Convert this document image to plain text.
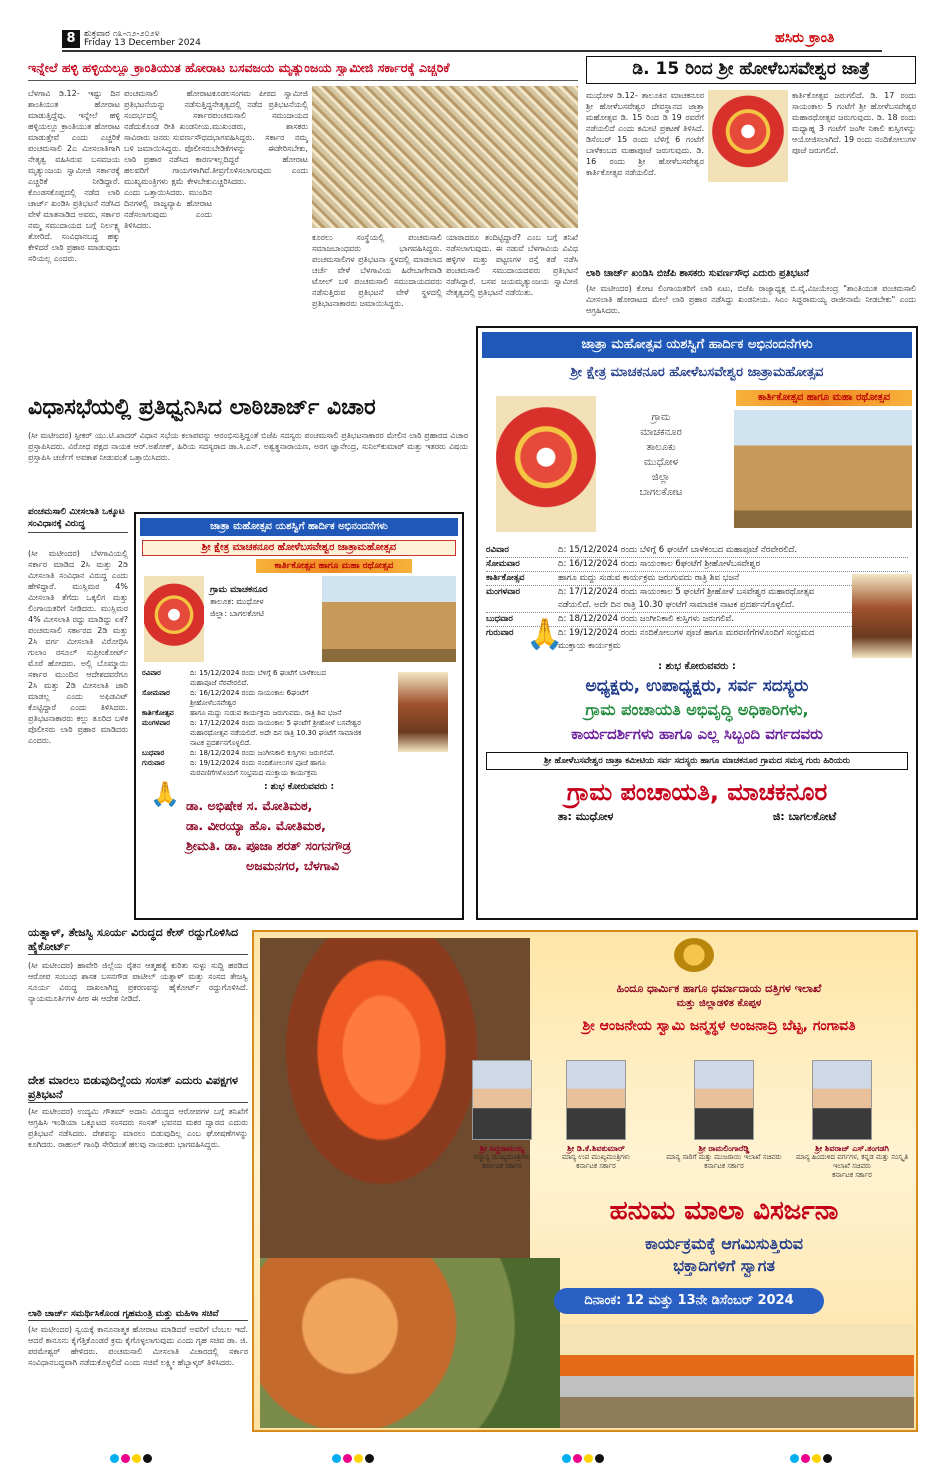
8 ಶುಕ್ರವಾರ ೧೩-೧೨-೨೦೨೪
Friday 13 December 2024	ಹಸಿರು ಕ್ರಾಂತಿ
ಇನ್ನೇಲೆ ಹಳ್ಳಿ ಹಳ್ಳಿಯಲ್ಲೂ ಕ್ರಾಂತಿಯುತ ಹೋರಾಟ ಬಸವಜಯ ಮೃತ್ಯುಂಜಯ ಸ್ವಾಮೀಜಿ ಸರ್ಕಾರಕ್ಕೆ ಎಚ್ಚರಿಕೆ	ಡಿ. 15 ರಿಂದ ಶ್ರೀ ಹೋಳೆಬಸವೇಶ್ವರ ಜಾತ್ರೆ
ಬೆಳಗಾವಿ ಡಿ.12- ಇಷ್ಟು ದಿನ ಶಾಂತಿಯುತ ಹೋರಾಟ ಮಾಡುತ್ತಿದ್ದೆವು. ಇನ್ನೇಲೆ ಹಳ್ಳಿ ಹಳ್ಳಿಯಲ್ಲೂ ಕ್ರಾಂತಿಯುತ ಹೋರಾಟ ಮಾಡುತ್ತೇವೆ ಎಂದು ಎಚ್ಚರಿಕೆ ಪಂಚಮಸಾಲಿ 2ಎ ಮೀಸಲಾತಿಗಾಗಿ ನೇತೃತ್ವ ವಹಿಸಿರುವ ಬಸವಜಯ ಮೃತ್ಯುಂಜಯ ಸ್ವಾಮೀಜಿ ಸರ್ಕಾರಕ್ಕೆ ಎಚ್ಚರಿಕೆ ನೀಡಿದ್ದಾರೆ. ಕೊಂಡಸಕೊಪ್ಪದಲ್ಲಿ ನಡೆದ ಲಾಠಿ ಚಾರ್ಜ್ ಖಂಡಿಸಿ ಪ್ರತಿಭಟನೆ ನಡೆಸಿದ ವೇಳೆ ಮಾತನಾಡಿದ ಅವರು, ಸರ್ಕಾರ ನಮ್ಮ ಸಮುದಾಯದ ಬಗ್ಗೆ ನಿರ್ಲಕ್ಷ್ಯ ತೋರಿದೆ. ಸಂವಿಧಾನಬದ್ಧ ಹಕ್ಕು ಕೇಳಿದರೆ ಲಾಠಿ ಪ್ರಹಾರ ಮಾಡುವುದು ಸರಿಯಲ್ಲ ಎಂದರು.
ಪಂಚಮಸಾಲಿ ಹೋರಾಟ ಪ್ರತಿಭಟನೆಯನ್ನು ನಡೆಸುತ್ತಿದ್ದ ಸಂದರ್ಭದಲ್ಲಿ ಸರ್ಕಾರ ನಡೆದುಕೊಂಡ ರೀತಿ ಖಂಡನೀಯ. ಸಾವಿರಾರು ಜನರು ಸುವರ್ಣಸೌಧದ ಬಳಿ ಜಮಾಯಿಸಿದ್ದರು. ಪೊಲೀಸರು ಲಾಠಿ ಪ್ರಹಾರ ನಡೆಸಿದ ಕಾರಣ ಹಲವರಿಗೆ ಗಾಯಗಳಾಗಿವೆ. ಮುಖ್ಯಮಂತ್ರಿಗಳು ಕ್ಷಮೆ ಕೇಳಬೇಕು ಎಂದು ಒತ್ತಾಯಿಸಿದರು. ಮುಂದಿನ ದಿನಗಳಲ್ಲಿ ರಾಜ್ಯವ್ಯಾಪಿ ಹೋರಾಟ ನಡೆಸಲಾಗುವುದು ಎಂದು ತಿಳಿಸಿದರು.
ಕೂಡಲಸಂಗಮ ಪೀಠದ ಸ್ವಾಮೀಜಿ ನೇತೃತ್ವದಲ್ಲಿ ನಡೆದ ಪ್ರತಿಭಟನೆಯಲ್ಲಿ ಪಂಚಮಸಾಲಿ ಸಮುದಾಯದ ಮುಖಂಡರು, ಶಾಸಕರು ಭಾಗವಹಿಸಿದ್ದರು. ಸರ್ಕಾರ ನಮ್ಮ ಬೇಡಿಕೆಗಳನ್ನು ಈಡೇರಿಸಬೇಕು, ಇಲ್ಲದಿದ್ದರೆ ಹೋರಾಟ ತೀವ್ರಗೊಳಿಸಲಾಗುವುದು ಎಂದು ಎಚ್ಚರಿಸಿದರು.
ಕೂರಲು ಸಂಸ್ಥೆಯಲ್ಲಿ ಪಂಚಮಸಾಲಿ ಸಮಾಜಬಾಂಧವರು ಭಾಗವಹಿಸಿದ್ದರು. ಪಂಚಮಸಾಲಿಗಳ ಪ್ರತಿಭಟನಾ ಸ್ಥಳದಲ್ಲಿ ಮಾಡಲಾದ ಚರ್ಚೆ ವೇಳೆ ಬೆಳಗಾವಿಯ ಹಿರೇಬಾಗೇವಾಡಿ ಟೋಲ್ ಬಳಿ ಪಂಚಮಸಾಲಿ ಸಮುದಾಯದವರು ನಡೆಸುತ್ತಿರುವ ಪ್ರತಿಭಟನೆ ವೇಳೆ ಸ್ಥಳದಲ್ಲಿ ಪ್ರತಿಭಟನಾಕಾರರು ಜಮಾಯಿಸಿದ್ದರು.
ಯಾರಾದರೂ ತಂದಿಟ್ಟಿದ್ದಾರೆ? ಎಂಬ ಬಗ್ಗೆ ತನಿಖೆ ನಡೆಸಲಾಗುವುದು. ಈ ನಡುವೆ ಬೆಳಗಾವಿಯ ವಿವಿಧ ಹಳ್ಳಿಗಳ ಮತ್ತು ಪಟ್ಟಣಗಳ ರಸ್ತೆ ತಡೆ ನಡೆಸಿ ಪಂಚಮಸಾಲಿ ಸಮುದಾಯದವರು ಪ್ರತಿಭಟನೆ ನಡೆಸಿದ್ದಾರೆ. ಬಸವ ಜಯಮೃತ್ಯುಂಜಯ ಸ್ವಾಮೀಜಿ ನೇತೃತ್ವದಲ್ಲಿ ಪ್ರತಿಭಟನೆ ನಡೆಯಿತು.
ಮುಧೋಳ ಡಿ.12- ತಾಲೂಕಿನ ಮಾಚಕನೂರ ಶ್ರೀ ಹೋಳೆಬಸವೇಶ್ವರ ದೇವಸ್ಥಾನದ ಜಾತ್ರಾ ಮಹೋತ್ಸವ ಡಿ. 15 ರಿಂದ ಡಿ 19 ರವರೆಗೆ ನಡೆಯಲಿದೆ ಎಂದು ಕಮೀಟಿ ಪ್ರಕಟಣೆ ತಿಳಿಸಿದೆ. ಡಿಸೆಂಬರ್ 15 ರಂದು ಬೆಳಿಗ್ಗೆ 6 ಗಂಟೆಗೆ ಬಾಳೆಕಂಬದ ಮಹಾಪೂಜೆ ಜರುಗುವುದು. ಡಿ. 16 ರಂದು ಶ್ರೀ ಹೋಳೆಬಸವೇಶ್ವರ ಕಾರ್ತಿಕೋತ್ಸವ ನಡೆಯಲಿದೆ.
ಕಾರ್ತಿಕೋತ್ಸವ ಜರುಗಲಿದೆ. ಡಿ. 17 ರಂದು ಸಾಯಂಕಾಲ 5 ಗಂಟೆಗೆ ಶ್ರೀ ಹೋಳೆಬಸವೇಶ್ವರ ಮಹಾರಥೋತ್ಸವ ಜರುಗುವುದು. ಡಿ. 18 ರಂದು ಮಧ್ಯಾಹ್ನ 3 ಗಂಟೆಗೆ ಜಂಗೀ ನಿಕಾಲಿ ಕುಸ್ತಿಗಳನ್ನು ಆಯೋಜಿಸಲಾಗಿದೆ. 19 ರಂದು ನಂದಿಕೋಲುಗಳ ಪೂಜೆ ಜರುಗಲಿದೆ.
ಲಾಠಿ ಚಾರ್ಜ್ ಖಂಡಿಸಿ ಬಿಜೆಪಿ ಶಾಸಕರು ಸುವರ್ಣಸೌಧ ಎದುರು ಪ್ರತಿಭಟನೆ
(ಸೀ ಮಟೀಂದರ) ಕೋಟ ಲಿಂಗಾಯತರಿಗೆ ಲಾಠಿ ಏಟು, ಬಿಜೆಪಿ ರಾಜ್ಯಾಧ್ಯಕ್ಷ ಬಿ.ವೈ.ವಿಜಯೇಂದ್ರ "ಶಾಂತಿಯುತ ಪಂಚಮಸಾಲಿ ಮೀಸಲಾತಿ ಹೋರಾಟದ ಮೇಲೆ ಲಾಠಿ ಪ್ರಹಾರ ನಡೆಸಿದ್ದು ಖಂಡನೀಯ. ಸಿಎಂ ಸಿದ್ದರಾಮಯ್ಯ ರಾಜೀನಾಮೆ ನೀಡಬೇಕು" ಎಂದು ಆಗ್ರಹಿಸಿದರು.
ವಿಧಾಸಭೆಯಲ್ಲಿ ಪ್ರತಿಧ್ವನಿಸಿದ ಲಾಠಿಚಾರ್ಜ್ ವಿಚಾರ
(ಸೀ ಮಟೀಂದರ) ಸ್ಪೀಕರ್ ಯು.ಟಿ.ಖಾದರ್ ವಿಧಾನ ಸಭೆಯ ಕಲಾಪವನ್ನು ಆರಂಭಿಸುತ್ತಿದ್ದಂತೆ ಬಿಜೆಪಿ ಸದಸ್ಯರು ಪಂಚಮಸಾಲಿ ಪ್ರತಿಭಟನಾಕಾರರ ಮೇಲಿನ ಲಾಠಿ ಪ್ರಹಾರದ ವಿಚಾರ ಪ್ರಸ್ತಾಪಿಸಿದರು. ವಿರೋಧ ಪಕ್ಷದ ನಾಯಕ ಆರ್.ಅಶೋಕ್, ಹಿರಿಯ ಸದಸ್ಯರಾದ ಡಾ.ಸಿ.ಎನ್. ಅಶ್ವತ್ಥನಾರಾಯಣ, ಅರಗ ಜ್ಞಾನೇಂದ್ರ, ಸುನಿಲ್‌ಕುಮಾರ್ ಮತ್ತು ಇತರರು ವಿಷಯ ಪ್ರಸ್ತಾಪಿಸಿ ಚರ್ಚೆಗೆ ಅವಕಾಶ ನೀಡುವಂತೆ ಒತ್ತಾಯಿಸಿದರು.
ಪಂಚಮಸಾಲಿ ಮೀಸಲಾತಿ ಒಕ್ಕೂಟ ಸಂವಿಧಾನಕ್ಕೆ ವಿರುದ್ಧ
(ಸೀ ಮಟೀಂದರ) ಬೆಳಗಾವಿಯಲ್ಲಿ ಸರ್ಕಾರ ಮಾಡಿದ 2ಸಿ ಮತ್ತು 2ಡಿ ಮೀಸಲಾತಿ ಸಂವಿಧಾನ ವಿರುದ್ಧ ಎಂದು ಹೇಳಿದ್ದಾರೆ. ಮುಸ್ಲಿಮರ 4% ಮೀಸಲಾತಿ ತೆಗೆದು ಒಕ್ಕಲಿಗ ಮತ್ತು ಲಿಂಗಾಯತರಿಗೆ ನೀಡಿದರು. ಮುಸ್ಲಿಮರ 4% ಮೀಸಲಾತಿ ರದ್ದು ಮಾಡಿದ್ದು ಏಕೆ? ಪಂಚಮಸಾಲಿ ಸರ್ಕಾರದ 2ಡಿ ಮತ್ತು 2ಸಿ ವರ್ಗ ಮೀಸಲಾತಿ ವಿರೋಧಿಸಿ ಗುಲಾಂ ರಸೂಲ್ ಸುಪ್ರೀಂಕೋರ್ಟ್ ಮೊರೆ ಹೋದರು. ಅಲ್ಲಿ ಬೊಮ್ಮಾಯಿ ಸರ್ಕಾರ ಮುಂದಿನ ಆದೇಶದವರೆಗೂ 2ಸಿ ಮತ್ತು 2ಡಿ ಮೀಸಲಾತಿ ಜಾರಿ ಮಾಡಲ್ಲ ಎಂದು ಅಫಿಡವಿಟ್ ಕೊಟ್ಟಿದ್ದಾರೆ ಎಂದು ತಿಳಿಸಿದರು. ಪ್ರತಿಭಟನಾಕಾರರು ಕಲ್ಲು ತೂರಿದ ಬಳಿಕ ಪೊಲೀಸರು ಲಾಠಿ ಪ್ರಹಾರ ಮಾಡಿದರು ಎಂದರು.
ಯತ್ನಾಳ್, ತೇಜಸ್ವಿ ಸೂರ್ಯ ವಿರುದ್ಧದ ಕೇಸ್ ರದ್ದುಗೊಳಿಸಿದ ಹೈಕೋರ್ಟ್
(ಸೀ ಮಟೀಂದರ) ಹಾವೇರಿ ಜಿಲ್ಲೆಯ ರೈತನ ಆತ್ಮಹತ್ಯೆ ಕುರಿತು ಸುಳ್ಳು ಸುದ್ದಿ ಹರಡಿದ ಆರೋಪ ಸಂಬಂಧ ಶಾಸಕ ಬಸನಗೌಡ ಪಾಟೀಲ್ ಯತ್ನಾಳ್ ಮತ್ತು ಸಂಸದ ತೇಜಸ್ವಿ ಸೂರ್ಯ ವಿರುದ್ಧ ದಾಖಲಾಗಿದ್ದ ಪ್ರಕರಣವನ್ನು ಹೈಕೋರ್ಟ್ ರದ್ದುಗೊಳಿಸಿದೆ. ನ್ಯಾಯಮೂರ್ತಿಗಳ ಪೀಠ ಈ ಆದೇಶ ನೀಡಿದೆ.
ದೇಶ ಮಾರಲು ಬಿಡುವುದಿಲ್ಲೆಂದು ಸಂಸತ್ ಎದುರು ವಿಪಕ್ಷಗಳ ಪ್ರತಿಭಟನೆ
(ಸೀ ಮಟೀಂದರ) ಉದ್ಯಮಿ ಗೌತಮ್ ಅದಾನಿ ವಿರುದ್ಧದ ಆರೋಪಗಳ ಬಗ್ಗೆ ತನಿಖೆಗೆ ಆಗ್ರಹಿಸಿ ಇಂಡಿಯಾ ಒಕ್ಕೂಟದ ಸಂಸದರು ಸಂಸತ್ ಭವನದ ಮಕರ ದ್ವಾರದ ಎದುರು ಪ್ರತಿಭಟನೆ ನಡೆಸಿದರು. ದೇಶವನ್ನು ಮಾರಲು ಬಿಡುವುದಿಲ್ಲ ಎಂಬ ಘೋಷಣೆಗಳನ್ನು ಕೂಗಿದರು. ರಾಹುಲ್ ಗಾಂಧಿ ಸೇರಿದಂತೆ ಹಲವು ನಾಯಕರು ಭಾಗವಹಿಸಿದ್ದರು.
ಲಾಠಿ ಚಾರ್ಜ್ ಸಮರ್ಥಿಸಿಕೊಂಡ ಗೃಹಮಂತ್ರಿ ಮತ್ತು ಮಹಿಳಾ ಸಚಿವೆ
(ಸೀ ಮಟೀಂದರ) ಸ್ವಯಕ್ಕೆ ಕಾನೂನಾತ್ಮಕ ಹೋರಾಟ ಮಾಡಿದರೆ ಅವರಿಗೆ ಬೆಂಬಲ ಇದೆ. ಆದರೆ ಕಾನೂನು ಕೈಗೆತ್ತಿಕೊಂಡರೆ ಕ್ರಮ ಕೈಗೊಳ್ಳಲಾಗುವುದು ಎಂದು ಗೃಹ ಸಚಿವ ಡಾ. ಜಿ. ಪರಮೇಶ್ವರ್ ಹೇಳಿದರು. ಪಂಚಮಸಾಲಿ ಮೀಸಲಾತಿ ವಿಚಾರದಲ್ಲಿ ಸರ್ಕಾರ ಸಂವಿಧಾನಬದ್ಧವಾಗಿ ನಡೆದುಕೊಳ್ಳಲಿದೆ ಎಂದು ಸಚಿವೆ ಲಕ್ಷ್ಮೀ ಹೆಬ್ಬಾಳ್ಕರ್ ತಿಳಿಸಿದರು.
ಜಾತ್ರಾ ಮಹೋತ್ಸವ ಯಶಸ್ವಿಗೆ ಹಾರ್ದಿಕ ಅಭಿನಂದನೆಗಳು
ಶ್ರೀ ಕ್ಷೇತ್ರ ಮಾಚಕನೂರ ಹೋಳೆಬಸವೇಶ್ವರ ಜಾತ್ರಾಮಹೋತ್ಸವ
ಕಾರ್ತಿಕೋತ್ಸವ ಹಾಗೂ ಮಹಾ ರಥೋತ್ಸವ
ಗ್ರಾಮ ಮಾಚಕನೂರ
ತಾಲೂಕ: ಮುಧೋಳ
ಜಿಲ್ಲಾ: ಬಾಗಲಕೋಟಿ
ರವಿವಾರ	ದಿ: 15/12/2024 ರಂದು ಬೆಳಿಗ್ಗೆ 6 ಘಂಟೆಗೆ ಬಾಳೆಕಂಬದ ಮಹಾಪೂಜೆ ನೆರವೇರಲಿದೆ.
ಸೋಮವಾರ	ದಿ: 16/12/2024 ರಂದು ಸಾಯಂಕಾಲ 6ಘಂಟೆಗೆ ಶ್ರೀಹೋಳೆಬಸವೇಶ್ವರ
ಕಾರ್ತಿಕೋತ್ಸವ	ಹಾಗೂ ಮದ್ದು ಸುಡುವ ಕಾರ್ಯಕ್ರಮ ಜರುಗುವದು. ರಾತ್ರಿ ಶಿವ ಭಜನೆ
ಮಂಗಳವಾರ	ದಿ: 17/12/2024 ರಂದು ಸಾಯಂಕಾಲ 5 ಘಂಟೆಗೆ ಶ್ರೀಹೋಳೆ ಬಸವೇಶ್ವರ ಮಹಾರಥೋತ್ಸವ ನಡೆಯಲಿದೆ. ಅದೇ ದಿನ ರಾತ್ರಿ 10.30 ಘಂಟೆಗೆ ಸಾಮಾಜಿಕ ನಾಟಕ ಪ್ರದರ್ಶನಗೊಳ್ಳಲಿದೆ.
ಬುಧವಾರ	ದಿ: 18/12/2024 ರಂದು ಜಂಗೀನಿಕಾಲಿ ಕುಸ್ತಿಗಳು ಜರುಗಲಿವೆ.
ಗುರುವಾರ	ದಿ: 19/12/2024 ರಂದು ನಂದಿಕೋಲುಗಳ ಪೂಜೆ ಹಾಗೂ ಮರವಣಿಗೆಗಳೊಂದಿಗೆ ಸಂಭ್ರಮದ ಮುಕ್ತಾಯ ಕಾರ್ಯಕ್ರಮ
: ಶುಭ ಕೋರುವವರು :
🙏 ಡಾ. ಅಭಿಷೇಕ ಸ. ಮೋತಿಮಠ,
ಡಾ. ವೀರಯ್ಯಾ ಹೊ. ಮೋತಿಮಠ,
ಶ್ರೀಮತಿ. ಡಾ. ಪೂಜಾ ಶರತ್ ಸಂಗನಗೌಡ್ರ
ಅಜಮನಗರ, ಬೆಳಗಾವಿ
ಜಾತ್ರಾ ಮಹೋತ್ಸವ ಯಶಸ್ವಿಗೆ ಹಾರ್ದಿಕ ಅಭಿನಂದನೆಗಳು
ಶ್ರೀ ಕ್ಷೇತ್ರ ಮಾಚಕನೂರ ಹೋಳೆಬಸವೇಶ್ವರ ಜಾತ್ರಾಮಹೋತ್ಸವ
ಕಾರ್ತಿಕೋತ್ಸವ ಹಾಗೂ ಮಹಾ ರಥೋತ್ಸವ
ಗ್ರಾಮ
ಮಾಚಕನೂರ
ತಾಲೂಕು
ಮುಧೋಳ
ಜಿಲ್ಲಾ
ಬಾಗಲಕೋಟ
ರವಿವಾರ	ದಿ: 15/12/2024 ರಂದು ಬೆಳಿಗ್ಗೆ 6 ಘಂಟೆಗೆ ಬಾಳೆಕಂಬದ ಮಹಾಪೂಜೆ ನೆರವೇರಲಿದೆ.
ಸೋಮವಾರ	ದಿ: 16/12/2024 ರಂದು ಸಾಯಂಕಾಲ 6ಘಂಟೆಗೆ ಶ್ರೀಹೋಳೆಬಸವೇಶ್ವರ
ಕಾರ್ತಿಕೋತ್ಸವ	ಹಾಗೂ ಮದ್ದು ಸುಡುವ ಕಾರ್ಯಕ್ರಮ ಜರುಗುವದು ರಾತ್ರಿ ಶಿವ ಭಜನೆ
ಮಂಗಳವಾರ	ದಿ: 17/12/2024 ರಂದು ಸಾಯಂಕಾಲ 5 ಘಂಟೆಗೆ ಶ್ರೀಹೋಳೆ ಬಸವೇಶ್ವರ ಮಹಾರಥೋತ್ಸವ ನಡೆಯಲಿದೆ. ಅದೇ ದಿನ ರಾತ್ರಿ 10.30 ಘಂಟೆಗೆ ಸಾಮಾಜಿಕ ನಾಟಕ ಪ್ರದರ್ಶನಗೊಳ್ಳಲಿದೆ.
ಬುಧವಾರ	ದಿ: 18/12/2024 ರಂದು ಜಂಗೀನಿಕಾಲಿ ಕುಸ್ತಿಗಳು ಜರುಗಲಿವೆ.
ಗುರುವಾರ	ದಿ: 19/12/2024 ರಂದು ನಂದಿಕೋಲುಗಳ ಪೂಜೆ ಹಾಗೂ ಮರವಣಿಗೆಗಳೊಂದಿಗೆ ಸಂಭ್ರಮದ ಮುಕ್ತಾಯ ಕಾರ್ಯಕ್ರಮ
🙏
: ಶುಭ ಕೋರುವವರು :
ಅಧ್ಯಕ್ಷರು, ಉಪಾಧ್ಯಕ್ಷರು, ಸರ್ವ ಸದಸ್ಯರು
ಗ್ರಾಮ ಪಂಚಾಯತಿ ಅಭಿವೃದ್ಧಿ ಅಧಿಕಾರಿಗಳು,
ಕಾರ್ಯದರ್ಶಿಗಳು ಹಾಗೂ ಎಲ್ಲ ಸಿಬ್ಬಂದಿ ವರ್ಗದವರು
ಶ್ರೀ ಹೋಳೆಬಸವೇಶ್ವರ ಜಾತ್ರಾ ಕಮೀಟಿಯ ಸರ್ವ ಸದಸ್ಯರು ಹಾಗೂ ಮಾಚಕನೂರ ಗ್ರಾಮದ ಸಮಸ್ತ ಗುರು ಹಿರಿಯರು
ಗ್ರಾಮ ಪಂಚಾಯತಿ, ಮಾಚಕನೂರ
ತಾ: ಮುಧೋಳ	ಜಿ: ಬಾಗಲಕೋಟೆ
ಹಿಂದೂ ಧಾರ್ಮಿಕ ಹಾಗೂ ಧರ್ಮಾದಾಯ ದತ್ತಿಗಳ ಇಲಾಖೆ
ಮತ್ತು ಜಿಲ್ಲಾಡಳಿತ ಕೊಪ್ಪಳ
ಶ್ರೀ ಆಂಜನೇಯ ಸ್ವಾಮಿ ಜನ್ಮಸ್ಥಳ ಅಂಜನಾದ್ರಿ ಬೆಟ್ಟ, ಗಂಗಾವತಿ
ಶ್ರೀ ಸಿದ್ದರಾಮಯ್ಯ
ಸನ್ಮಾನ್ಯ ಮುಖ್ಯಮಂತ್ರಿಗಳು
ಕರ್ನಾಟಕ ಸರ್ಕಾರ
ಶ್ರೀ ಡಿ.ಕೆ.ಶಿವಕುಮಾರ್
ಮಾನ್ಯ ಉಪ ಮುಖ್ಯಮಂತ್ರಿಗಳು
ಕರ್ನಾಟಕ ಸರ್ಕಾರ
ಶ್ರೀ ರಾಮಲಿಂಗಾರೆಡ್ಡಿ
ಮಾನ್ಯ ಸಾರಿಗೆ ಮತ್ತು ಮುಜರಾಯಿ ಇಲಾಖೆ ಸಚಿವರು
ಕರ್ನಾಟಕ ಸರ್ಕಾರ
ಶ್ರೀ ಶಿವರಾಜ್ ಎಸ್.ತಂಗಡಗಿ
ಮಾನ್ಯ ಹಿಂದುಳಿದ ವರ್ಗಗಳ, ಕನ್ನಡ ಮತ್ತು ಸಂಸ್ಕೃತಿ ಇಲಾಖೆ ಸಚಿವರು
ಕರ್ನಾಟಕ ಸರ್ಕಾರ
ಹನುಮ ಮಾಲಾ ವಿಸರ್ಜನಾ
ಕಾರ್ಯಕ್ರಮಕ್ಕೆ ಆಗಮಿಸುತ್ತಿರುವ
ಭಕ್ತಾದಿಗಳಿಗೆ ಸ್ವಾಗತ
ದಿನಾಂಕ: 12 ಮತ್ತು 13ನೇ ಡಿಸೆಂಬರ್ 2024
